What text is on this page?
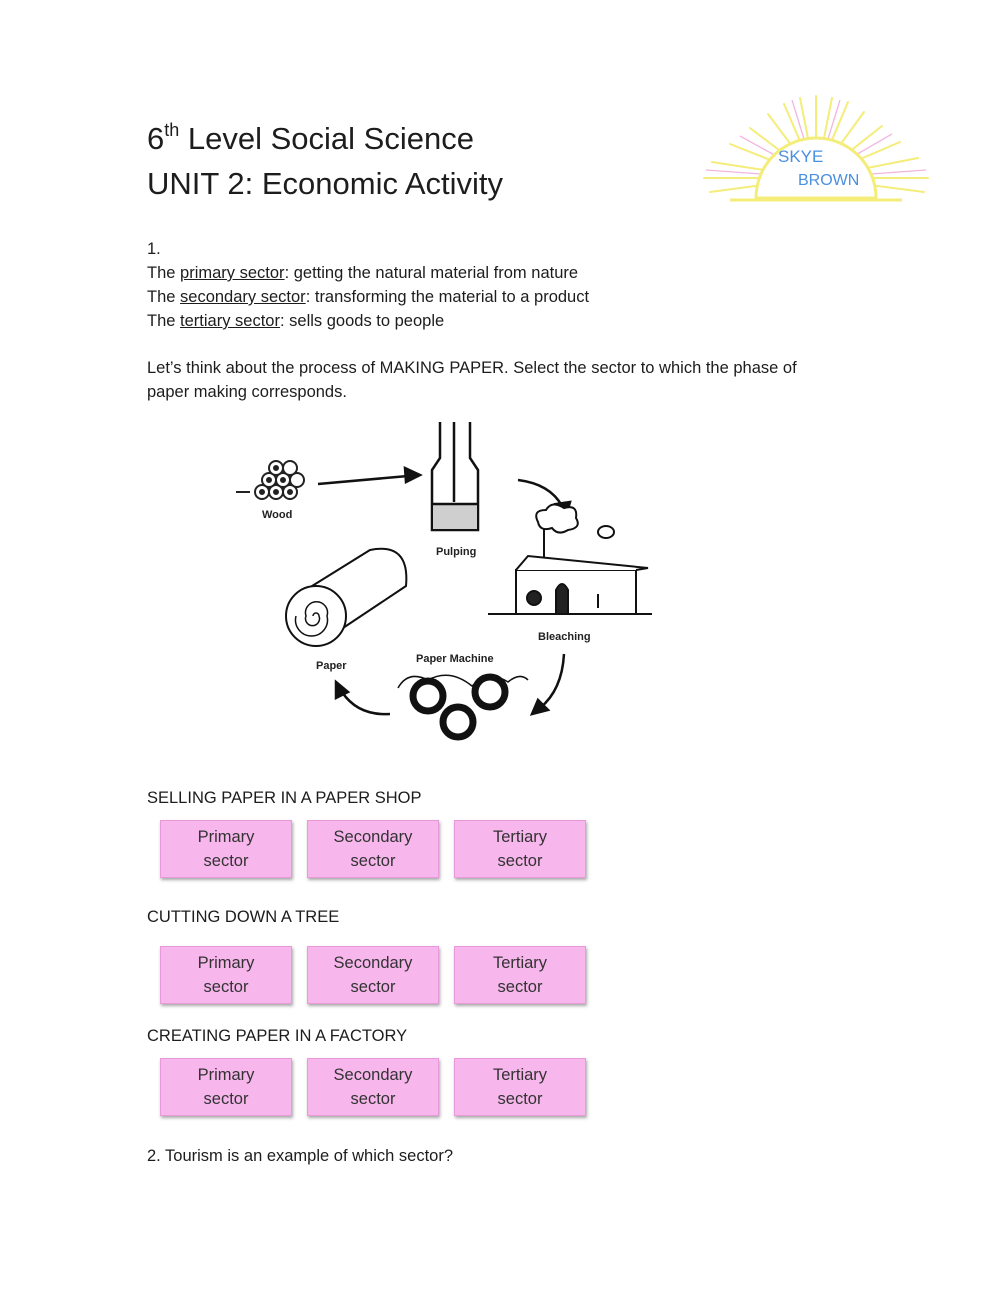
6th Level Social Science
UNIT 2: Economic Activity
SKYE
BROWN
1.
The primary sector: getting the natural material from nature
The secondary sector: transforming the material to a product
The tertiary sector: sells goods to people
Let’s think about the process of MAKING PAPER. Select the sector to which the phase of
paper making corresponds.
Wood
Pulping
Bleaching
Paper Machine
Paper
SELLING PAPER IN A PAPER SHOP
Primary
sector
Secondary
sector
Tertiary
sector
CUTTING DOWN A TREE
Primary
sector
Secondary
sector
Tertiary
sector
CREATING PAPER IN A FACTORY
Primary
sector
Secondary
sector
Tertiary
sector
2. Tourism is an example of which sector?
